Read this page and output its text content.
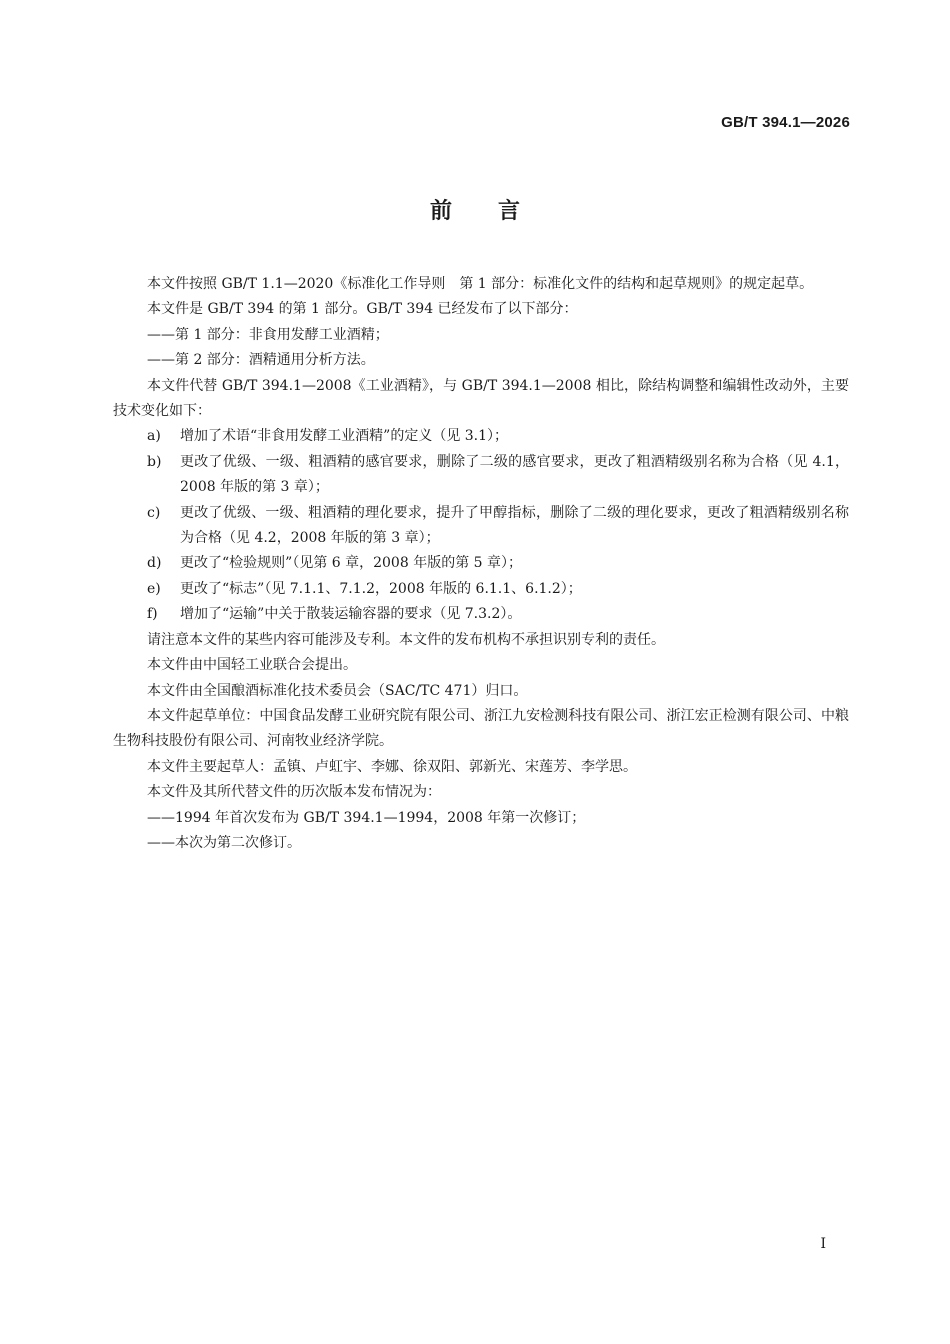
GB/T 394.1—2026
前言

本文件按照 GB/T 1.1—2020《标准化工作导则　第 1 部分：标准化文件的结构和起草规则》的规定起草。

本文件是 GB/T 394 的第 1 部分。GB/T 394 已经发布了以下部分：

——第 1 部分：非食用发酵工业酒精；

——第 2 部分：酒精通用分析方法。

本文件代替 GB/T 394.1—2008《工业酒精》，与 GB/T 394.1—2008 相比，除结构调整和编辑性改动外，主要技术变化如下：

a)	增加了术语“非食用发酵工业酒精”的定义（见 3.1）；
b)	更改了优级、一级、粗酒精的感官要求，删除了二级的感官要求，更改了粗酒精级别名称为合格（见 4.1，2008 年版的第 3 章）；
c)	更改了优级、一级、粗酒精的理化要求，提升了甲醇指标，删除了二级的理化要求，更改了粗酒精级别名称为合格（见 4.2，2008 年版的第 3 章）；
d)	更改了“检验规则”（见第 6 章，2008 年版的第 5 章）；
e)	更改了“标志”（见 7.1.1、7.1.2，2008 年版的 6.1.1、6.1.2）；
f)	增加了“运输”中关于散装运输容器的要求（见 7.3.2）。

请注意本文件的某些内容可能涉及专利。本文件的发布机构不承担识别专利的责任。

本文件由中国轻工业联合会提出。

本文件由全国酿酒标准化技术委员会（SAC/TC 471）归口。

本文件起草单位：中国食品发酵工业研究院有限公司、浙江九安检测科技有限公司、浙江宏正检测有限公司、中粮生物科技股份有限公司、河南牧业经济学院。

本文件主要起草人：孟镇、卢虹宇、李娜、徐双阳、郭新光、宋莲芳、李学思。

本文件及其所代替文件的历次版本发布情况为：

——1994 年首次发布为 GB/T 394.1—1994，2008 年第一次修订；

——本次为第二次修订。

I
